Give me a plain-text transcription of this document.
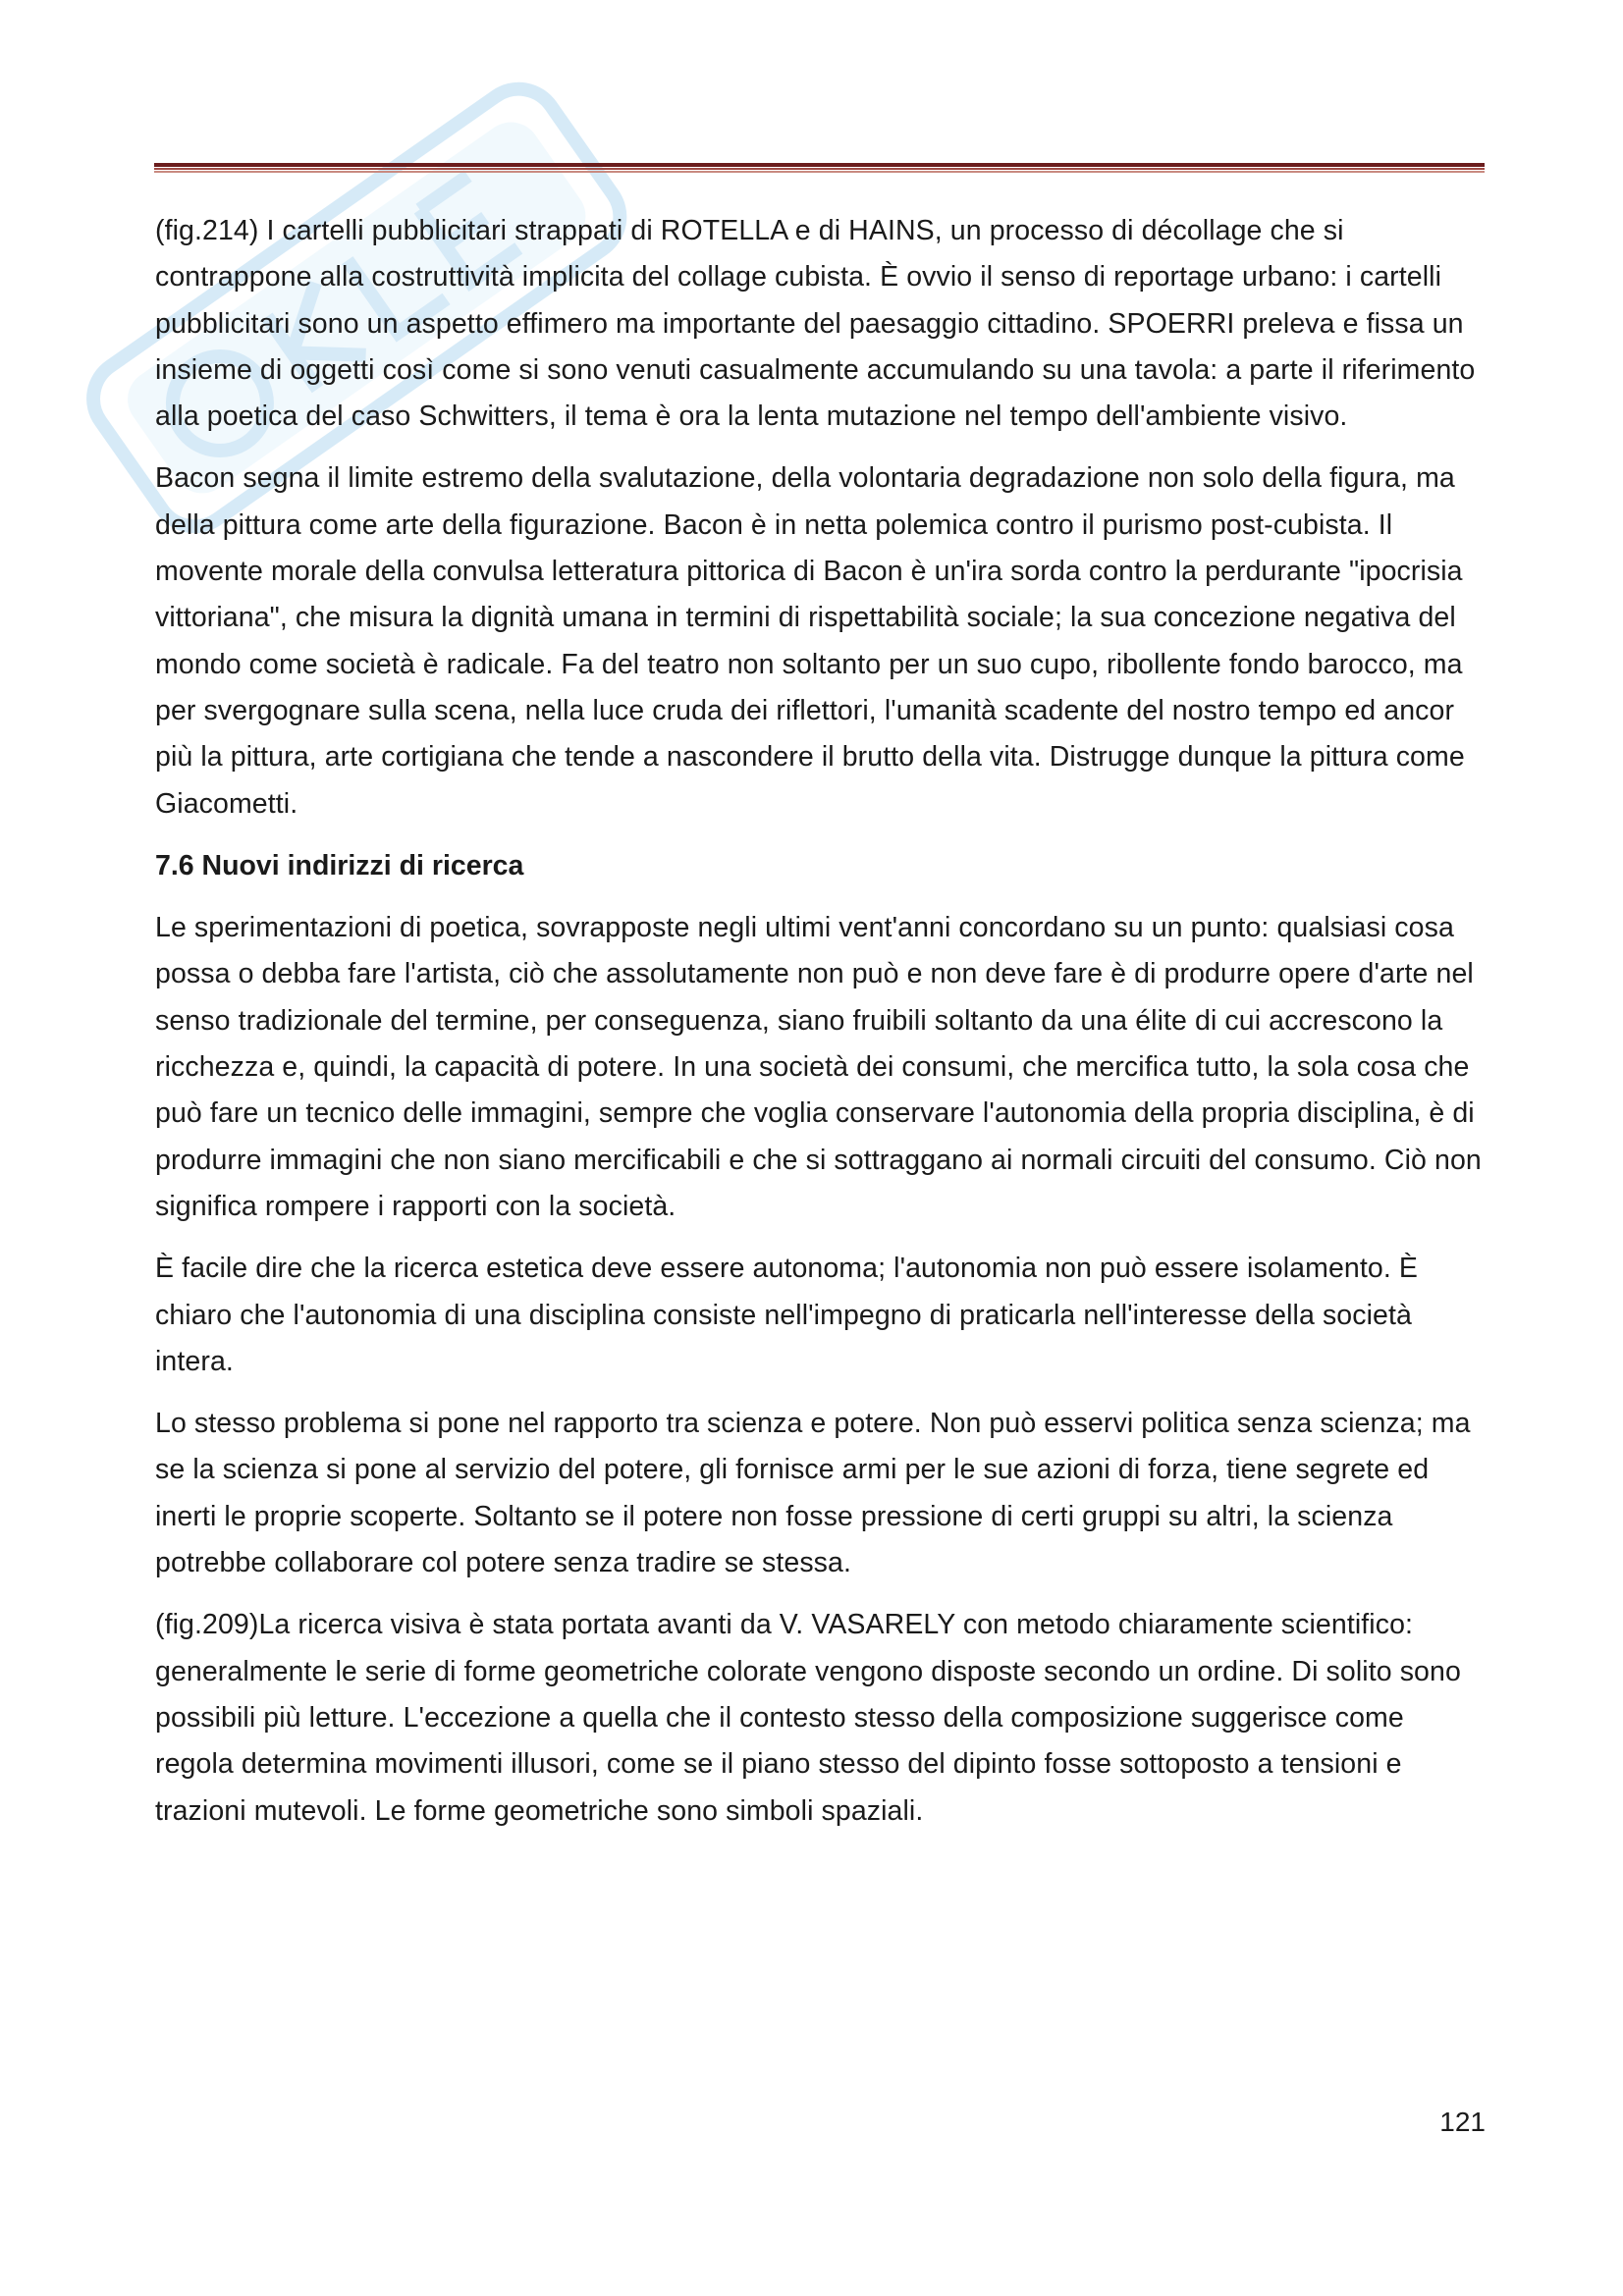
(fig.214) I cartelli pubblicitari strappati di ROTELLA e di HAINS, un processo di décollage che si contrappone alla costruttività implicita del collage cubista. È ovvio il senso di reportage urbano: i cartelli pubblicitari sono un aspetto effimero ma importante del paesaggio cittadino. SPOERRI preleva e fissa un insieme di oggetti così come si sono venuti casualmente accumulando su una tavola: a parte il riferimento alla poetica del caso Schwitters, il tema è ora la lenta mutazione nel tempo dell'ambiente visivo.

Bacon segna il limite estremo della svalutazione, della volontaria degradazione non solo della figura, ma della pittura come arte della figurazione. Bacon è in netta polemica contro il purismo post-cubista. Il movente morale della convulsa letteratura pittorica di Bacon è un'ira sorda contro la perdurante "ipocrisia vittoriana", che misura la dignità umana in termini di rispettabilità sociale; la sua concezione negativa del mondo come società è radicale. Fa del teatro non soltanto per un suo cupo, ribollente fondo barocco, ma per svergognare sulla scena, nella luce cruda dei riflettori, l'umanità scadente del nostro tempo ed ancor più la pittura, arte cortigiana che tende a nascondere il brutto della vita. Distrugge dunque la pittura come Giacometti.

7.6 Nuovi indirizzi di ricerca

Le sperimentazioni di poetica, sovrapposte negli ultimi vent'anni concordano su un punto: qualsiasi cosa possa o debba fare l'artista, ciò che assolutamente non può e non deve fare è di produrre opere d'arte nel senso tradizionale del termine, per conseguenza, siano fruibili soltanto da una élite di cui accrescono la ricchezza e, quindi, la capacità di potere. In una società dei consumi, che mercifica tutto, la sola cosa che può fare un tecnico delle immagini, sempre che voglia conservare l'autonomia della propria disciplina, è di produrre immagini che non siano mercificabili e che si sottraggano ai normali circuiti del consumo. Ciò non significa rompere i rapporti con la società.

È facile dire che la ricerca estetica deve essere autonoma; l'autonomia non può essere isolamento. È chiaro che l'autonomia di una disciplina consiste nell'impegno di praticarla nell'interesse della società intera.

Lo stesso problema si pone nel rapporto tra scienza e potere. Non può esservi politica senza scienza; ma se la scienza si pone al servizio del potere, gli fornisce armi per le sue azioni di forza, tiene segrete ed inerti le proprie scoperte. Soltanto se il potere non fosse pressione di certi gruppi su altri, la scienza potrebbe collaborare col potere senza tradire se stessa.

(fig.209)La ricerca visiva è stata portata avanti da V. VASARELY con metodo chiaramente scientifico: generalmente le serie di forme geometriche colorate vengono disposte secondo un ordine. Di solito sono possibili più letture. L'eccezione a quella che il contesto stesso della composizione suggerisce come regola determina movimenti illusori, come se il piano stesso del dipinto fosse sottoposto a tensioni e trazioni mutevoli. Le forme geometriche sono simboli spaziali.

121
